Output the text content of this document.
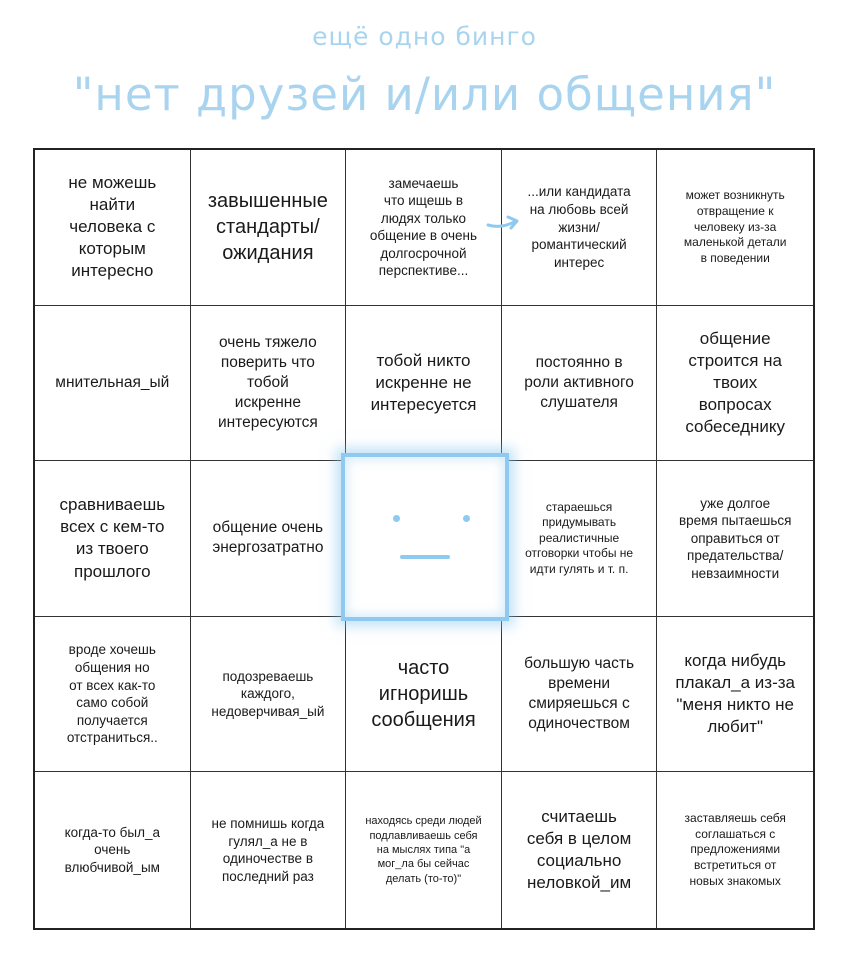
ещё одно бинго
"нет друзей и/или общения"
не можешь
найти
человека с
которым
интересно
завышенные
стандарты/
ожидания
замечаешь
что ищешь в
людях только
общение в очень
долгосрочной
перспективе...
...или кандидата
на любовь всей
жизни/
романтический
интерес
может возникнуть
отвращение к
человеку из-за
маленькой детали
в поведении
мнительная_ый
очень тяжело
поверить что
тобой
искренне
интересуются
тобой никто
искренне не
интересуется
постоянно в
роли активного
слушателя
общение
строится на
твоих
вопросах
собеседнику
сравниваешь
всех с кем-то
из твоего
прошлого
общение очень
энергозатратно
стараешься
придумывать
реалистичные
отговорки чтобы не
идти гулять и т. п.
уже долгое
время пытаешься
оправиться от
предательства/
невзаимности
вроде хочешь
общения но
от всех как-то
само собой
получается
отстраниться..
подозреваешь
каждого,
недоверчивая_ый
часто
игноришь
сообщения
большую часть
времени
смиряешься с
одиночеством
когда нибудь
плакал_а из-за
"меня никто не
любит"
когда-то был_а
очень
влюбчивой_ым
не помнишь когда
гулял_а не в
одиночестве в
последний раз
находясь среди людей
подлавливаешь себя
на мыслях типа "а
мог_ла бы сейчас
делать (то-то)"
считаешь
себя в целом
социально
неловкой_им
заставляешь себя
соглашаться с
предложениями
встретиться от
новых знакомых
